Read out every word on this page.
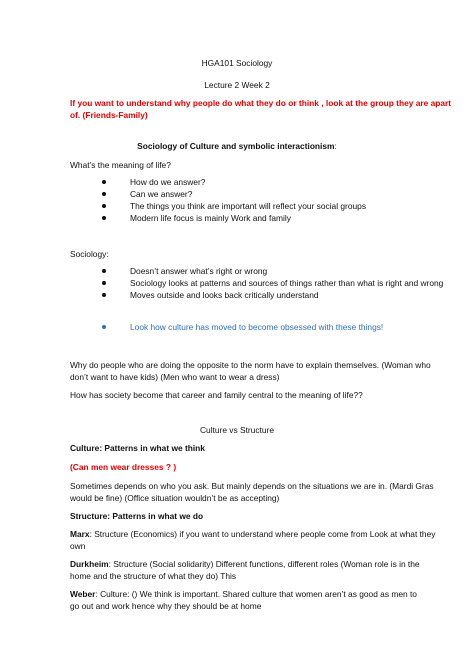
HGA101 Sociology
Lecture 2 Week 2
If you want to understand why people do what they do or think , look at the group they are apart
of. (Friends-Family)
Sociology of Culture and symbolic interactionism:
What’s the meaning of life?
How do we answer?
Can we answer?
The things you think are important will reflect your social groups
Modern life focus is mainly Work and family
Sociology:
Doesn’t answer what’s right or wrong
Sociology looks at patterns and sources of things rather than what is right and wrong
Moves outside and looks back critically understand
Look how culture has moved to become obsessed with these things!
Why do people who are doing the opposite to the norm have to explain themselves. (Woman who
don’t want to have kids) (Men who want to wear a dress)
How has society become that career and family central to the meaning of life??
Culture vs Structure
Culture: Patterns in what we think
(Can men wear dresses ? )
Sometimes depends on who you ask. But mainly depends on the situations we are in. (Mardi Gras
would be fine) (Office situation wouldn’t be as accepting)
Structure: Patterns in what we do
Marx: Structure (Economics) if you want to understand where people come from Look at what they
own
Durkheim: Structure (Social solidarity) Different functions, different roles (Woman role is in the
home and the structure of what they do) This
Weber: Culture: () We think is important. Shared culture that women aren’t as good as men to
go out and work hence why they should be at home
